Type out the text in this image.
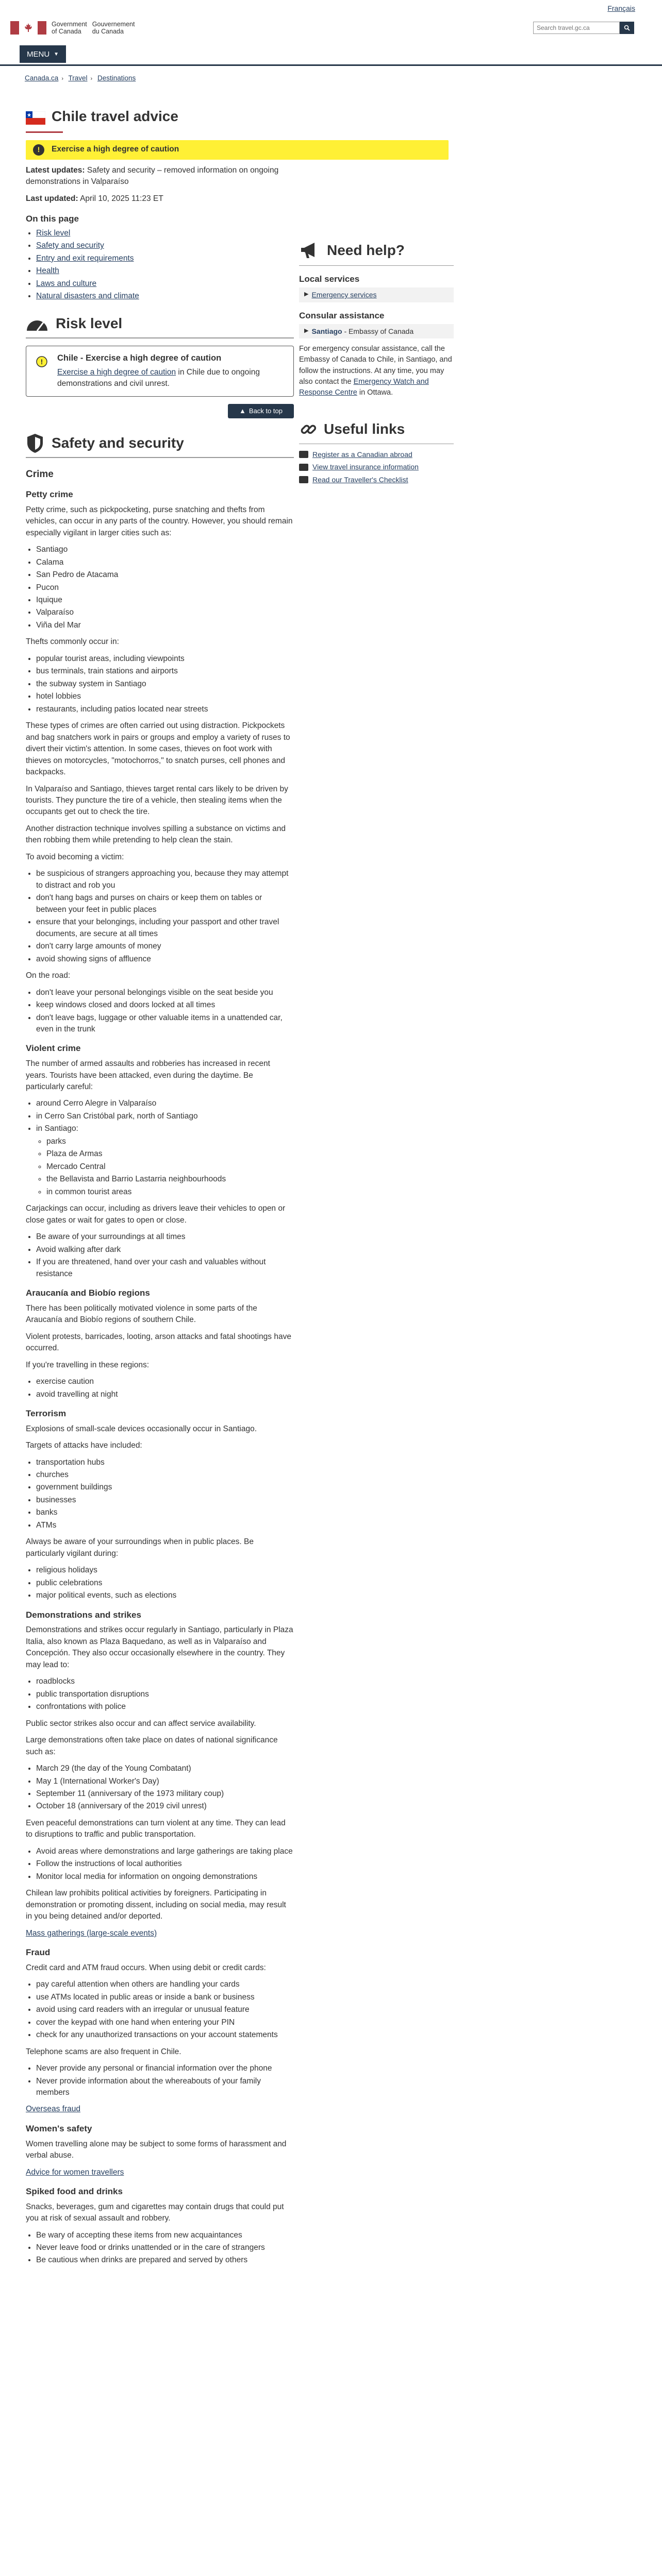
Français
Government
of Canada
Gouvernement
du Canada
Search travel.gc.ca
MENU ▼
Canada.ca › Travel › Destinations
Chile travel advice
!	Exercise a high degree of caution

Latest updates: Safety and security – removed information on ongoing demonstrations in Valparaíso

Last updated: April 10, 2025 11:23 ET

On this page
• Risk level
• Safety and security
• Entry and exit requirements
• Health
• Laws and culture
• Natural disasters and climate
Risk level
! Chile - Exercise a high degree of caution
Exercise a high degree of caution in Chile due to ongoing demonstrations and civil unrest.
▲ Back to top
Safety and security
Crime
Petty crime

Petty crime, such as pickpocketing, purse snatching and thefts from vehicles, can occur in any parts of the country. However, you should remain especially vigilant in larger cities such as:

• Santiago
• Calama
• San Pedro de Atacama
• Pucon
• Iquique
• Valparaíso
• Viña del Mar

Thefts commonly occur in:

• popular tourist areas, including viewpoints
• bus terminals, train stations and airports
• the subway system in Santiago
• hotel lobbies
• restaurants, including patios located near streets

These types of crimes are often carried out using distraction. Pickpockets and bag snatchers work in pairs or groups and employ a variety of ruses to divert their victim's attention. In some cases, thieves on foot work with thieves on motorcycles, "motochorros," to snatch purses, cell phones and backpacks.

In Valparaíso and Santiago, thieves target rental cars likely to be driven by tourists. They puncture the tire of a vehicle, then stealing items when the occupants get out to check the tire.

Another distraction technique involves spilling a substance on victims and then robbing them while pretending to help clean the stain.

To avoid becoming a victim:

• be suspicious of strangers approaching you, because they may attempt to distract and rob you
• don't hang bags and purses on chairs or keep them on tables or between your feet in public places
• ensure that your belongings, including your passport and other travel documents, are secure at all times
• don't carry large amounts of money
• avoid showing signs of affluence

On the road:

• don't leave your personal belongings visible on the seat beside you
• keep windows closed and doors locked at all times
• don't leave bags, luggage or other valuable items in a unattended car, even in the trunk
Violent crime

The number of armed assaults and robberies has increased in recent years. Tourists have been attacked, even during the daytime. Be particularly careful:

• around Cerro Alegre in Valparaíso
• in Cerro San Cristóbal park, north of Santiago
• in Santiago:
◦ parks
◦ Plaza de Armas
◦ Mercado Central
◦ the Bellavista and Barrio Lastarria neighbourhoods
◦ in common tourist areas

Carjackings can occur, including as drivers leave their vehicles to open or close gates or wait for gates to open or close.

• Be aware of your surroundings at all times
• Avoid walking after dark
• If you are threatened, hand over your cash and valuables without resistance
Araucanía and Biobío regions

There has been politically motivated violence in some parts of the Araucanía and Biobío regions of southern Chile.

Violent protests, barricades, looting, arson attacks and fatal shootings have occurred.

If you're travelling in these regions:

• exercise caution
• avoid travelling at night
Terrorism

Explosions of small-scale devices occasionally occur in Santiago.

Targets of attacks have included:

• transportation hubs
• churches
• government buildings
• businesses
• banks
• ATMs

Always be aware of your surroundings when in public places. Be particularly vigilant during:

• religious holidays
• public celebrations
• major political events, such as elections
Demonstrations and strikes

Demonstrations and strikes occur regularly in Santiago, particularly in Plaza Italia, also known as Plaza Baquedano, as well as in Valparaíso and Concepción. They also occur occasionally elsewhere in the country. They may lead to:

• roadblocks
• public transportation disruptions
• confrontations with police

Public sector strikes also occur and can affect service availability.

Large demonstrations often take place on dates of national significance such as:

• March 29 (the day of the Young Combatant)
• May 1 (International Worker's Day)
• September 11 (anniversary of the 1973 military coup)
• October 18 (anniversary of the 2019 civil unrest)

Even peaceful demonstrations can turn violent at any time. They can lead to disruptions to traffic and public transportation.

• Avoid areas where demonstrations and large gatherings are taking place
• Follow the instructions of local authorities
• Monitor local media for information on ongoing demonstrations

Chilean law prohibits political activities by foreigners. Participating in demonstration or promoting dissent, including on social media, may result in you being detained and/or deported.

Mass gatherings (large-scale events)

Fraud

Credit card and ATM fraud occurs. When using debit or credit cards:

• pay careful attention when others are handling your cards
• use ATMs located in public areas or inside a bank or business
• avoid using card readers with an irregular or unusual feature
• cover the keypad with one hand when entering your PIN
• check for any unauthorized transactions on your account statements

Telephone scams are also frequent in Chile.

• Never provide any personal or financial information over the phone
• Never provide information about the whereabouts of your family members

Overseas fraud

Women's safety

Women travelling alone may be subject to some forms of harassment and verbal abuse.

Advice for women travellers

Spiked food and drinks

Snacks, beverages, gum and cigarettes may contain drugs that could put you at risk of sexual assault and robbery.

• Be wary of accepting these items from new acquaintances
• Never leave food or drinks unattended or in the care of strangers
• Be cautious when drinks are prepared and served by others
Need help?
Local services
▶ Emergency services
Consular assistance
▶ Santiago - Embassy of Canada

For emergency consular assistance, call the Embassy of Canada to Chile, in Santiago, and follow the instructions. At any time, you may also contact the Emergency Watch and Response Centre in Ottawa.

Useful links
Register as a Canadian abroad
View travel insurance information
Read our Traveller's Checklist
